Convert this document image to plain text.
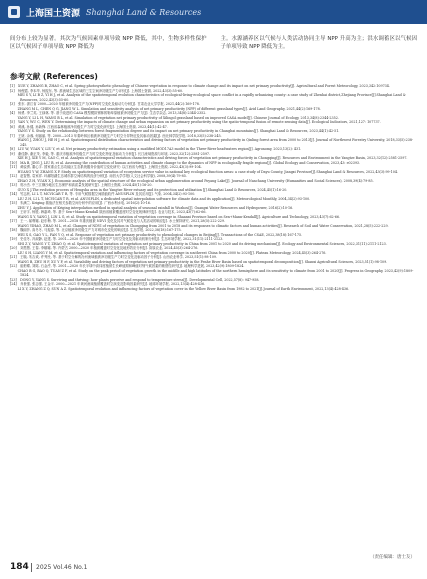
上海国土资源 Shanghai Land & Resources
间分布上较为显著。其次为气候因素单项导致 NPP 降低，其中，生物多样性保护区以气候因子单项导致 NPP 降低为
主。水源涵养区以气候与人类活动协同主导 NPP 升高为主；洪水调蓄区以气候因子单项导致 NPP 降低为主。
参考文献 (References)
[1]　XUE Y, ZHANG B, ZHAO C, et al. Spring photosynthetic phenology of Chinese vegetation in response to climate change and its impact on net primary productivity[J]. Agricultural and Forest Meteorology, 2023,342:109734.
[2]　杨俊霞, 李本华, 杨振东, 等. 淮流域生态区域的三生空间净初级生产力评价[J]. 上海国土资源, 2022,43(3):55-60.
　　 MEI S Y, LI B Z, YI H J, et al. Analysis of the spatiotemporal evolution characteristics of ecological-living-ecological space conflict in a rapidly urbanizing county: a case study of Zhenhai district,Zhejiang Province[J].Shanghai Land & Resources, 2022,43(3):55-60.
[3]　张东. 浙江省 2000—2020 年植被净初级生产力(NPP)时空变化及驱动力分析[J]. 甘肃农业大学学报, 2021,44(2):169-178.
　　 ZHANG M L, CHEN Q G, JIANG W L. Simulation and sensitivity analysis of net primary productivity (NPP) of different grassland types[J]. Arid Land Geography, 2021,44(2):169-178.
[4]　杨勇, 李兰英, 王绿林, 等. 基于改进的 CASA 模型模拟锡林郭勒草原植被净初级生产力[J]. 生态学杂志, 2013,34(8):2344-2352.
　　 YANG Y, LI L H, WANG B L, et al. Simulation of vegetation net primary productivity of Xilingol grassland based on improved CASA model[J]. Chinese Journal of Ecology, 2013,34(8):2344-2352.
[5]　YAN Y, WU C, WEN Y. Determining the impacts of climate change and urban expansion on net primary productivity using the spatio-temporal fusion of remote sensing data[J]. Ecological Indicators, 2021,127: 107737.
[6]　黄溪, 孙健, 孙新锋. 江西省森林植被净初级生产力时空变化研究[J]. 上海国土资源, 2023,44(1):42-47.
　　 YANG Y S. Study on the relationship between forest fragmentation degree and its impact on net primary productivity in Changbai mountains[J]. Shanghai Land & Resources, 2023,44(1):42-51.
[7]　王妍, 余蓉, 何丽丽, 等. 2000—2013 年秦岭林区植被净初级生产力时空分异特征及其驱动因素[J]. 西北林学院学报, 2018,33(5):238-245.
　　 WANG J, ZHOU J, HE H J, et al. Spatiotemporal distribution characteristics and driving factors of vegetation net primary productivity in Qinling forest area from 2000 to 2013[J]. Journal of Northwest Forestry University, 2018,33(5):238-245.
[8]　LIU W, YUAN Y, LIU Y, et al. Net primary productivity estimation using a modified MOD17A3 model in the Three-River headwaters region[J]. Agronomy, 2023,13(2): 431.
[9]　谢佳静, 谢正茂, 李毅, 等. 重庆市植被净初级生产力时空变化特征及驱动力分析[J]. 长江流域资源与环境, 2023,32(12):2581-2597.
　　 XIE H J, XIE Y M, CAO C, et al. Analysis of spatiotemporal variation characteristics and driving forces of vegetation net primary productivity in Chongqing[J]. Resources and Environment in the Yangtze Basin, 2023,32(12):2581-2597.
[10]　MA B, JING J, LIU B, et al. Assessing the contribution of human activities and climate change to the dynamics of NPP in ecologically fragile regions[J]. Global Ecology and Conservation, 2023,43: e02393.
[11]　黄骁勇, 董心宇. 国家重点生态功能区生态系统服务价值时空变化研究: 以江西省为例[J]. 上海国土资源, 2022,43(3):99-104.
　　 HUANG Y W, ZHANG X P. Study on spatiotemporal variation of ecosystem service value in national key ecological function areas: a case study of Dayu County, Jiangxi Province[J].Shanghai Land & Resources, 2022,43(3):99-104.
[12]　赵智慧, 袁家祥. 环鄱阳湖生态城市群空间结构的经济分析[J]. 南昌大学学报(人文社会科学版), 2008,39(4):79-85.
　　 ZHAO Z H, YUAN X J. Economic analysis of the spatial structure of the ecological urban agglomeration around Poyang Lake[J]. Journal of Nanchang University (Humanities and Social Sciences), 2008,39(4):79-85.
[13]　郭小杰. 中三江横沙地区生态保护和高质量发展研究[J]. 上海国土资源, 2024,45(1):16-20.
　　 GUO X J.The evolution process of Hengsha area in the Yangtze River estuary and its protection and utilization [J].Shanghai Land & Resources, 2024,45(1):16-20.
[14]　竹志欣, LI L T, MCVICAR T R, 等. 专用气候数据空间插值软件 ANUSPLIN 及其应用[J]. 气象, 2004,34(2):93-100.
　　 LIU Z H, LI L T, MCVICAR T R, et al. ANUSPLIN, a dedicated spatial interpolation software for climate data and its application[J]. Meteorological Monthly, 2004,34(2):93-100.
[15]　朱满兰. Kriging 插值法在相关参数空间分析中的应用[J]. 广西水利水电, 2016(2):10-16.
　　 ZHU Y J. Application of Kriging interpolation method in spatial analysis of seasonal rainfall in Wuzhou[J]. Guangxi Water Resources and Hydropower, 2016(2):10-16.
[16]　王轩宇, 杨胜, 韩嘉琦, 等. 基于 Sen+Mann-Kendall 陕西省植被覆盖度时空变化规律研究[J]. 农业与技术, 2023,43(7):62-66.
　　 WANG X Y, YANG J, LIN L G, et al. Study on spatiotemporal variation of vegetation coverage in Shaanxi Province based on Sen+Mann-Kendall[J]. Agriculture and Technology, 2023,43(7):62-66.
[17]　王一, 郝利娜, 赵东梅, 等. 2001—2018 年重庆植被 NDVI 变化及其对气候变化与人类活动的响应[J]. 水土保持研究, 2021,28(5):222-229.
　　 WANG YIHAO, ZHAO M L, et al. Changes of NDVI of vegetation in Chongqing from 2001 to 2018 and its responses to climatic factors and human activities[J]. Research of Soil and Water Conservation, 2021,28(5):222-229.
[18]　魏丽莎, 高冬冬, 马振春, 等. 北京植被净初级生产力对城市化变化的响应[J]. 生态学报, 2022,38(18):167-175.
　　 WEI X S, GAO Y L, FAN Y Q, et al. Response of vegetation net primary productivity to phenological changes in Beijing[J]. Transactions of the CSAE, 2022,38(18):167-175.
[19]　史佳冬, 冯淑静, 赵建, 等. 2001—2020 年中国植被净初级生产力时空变化及其驱动机制分析[J]. 生态环境学报, 2022,31(11):2111-2123.
　　 SHI Z Y, WANG Y T, ZHAO Q, et al. Spatiotemporal variation of vegetation net primary productivity in China from 2001 to 2020 and its driving mechanism[J]. Ecology and Environmental Sciences, 2022,31(11):2111-2123.
[20]　刘思慧, 王春, 李娜娜, 等. 内蒙古 2000—2020 年植被覆盖时空变化及地形效应分析[J]. 高原农业, 2024,45(3):264-276.
　　 LIU S H, LIANG Y M, et al. Spatiotemporal variation and influencing factors of vegetation coverage in southwest China from 2000 to 2020[J]. Plateau Meteorology, 2024,45(3):264-276.
[21]　王毓, 朱吉欢, 许秀民, 等. 基于时空分解的汾河流域植被净初级生产力时空变化及驱动因子分析[J]. 山西农业科学, 2023,51(1):98-109.
　　 WANG B, ZHU H F, XU Y F, et al. Variability and driving factors of vegetation net primary productivity in the Fenhe River Basin based on spatiotemporal decomposition[J]. Shanxi Agricultural Sciences, 2023,51(1):98-109.
[22]　崔彬蝶, 刘陈, 石金淳, 等. 2001—2020 年长半球中高纬度植被生长峰值期和峰值时刻气候因素的敏感性研究[J]. 地理科学进展, 2023,42(9):1809-1824.
　　 CHAO B G, BAO Q, TUAN Z F, et al. Study on the peak period of vegetation growth in the middle and high latitudes of the northern hemisphere and its sensitivity to climate from 2001 to 2020[J]. Progress in Geography, 2023,42(9):1809-1824.
[23]　DONG Y, YANG S. Surviving and thriving: how plants perceive and respond to temperature stress[J]. Developmental Cell, 2022,57(8): 947-958.
[24]　乔世强, 张志强, 王金平. 2000—2021 年黄河流域植被覆盖时空演变及影响因素研究[J]. 地球环境学报, 2022,13(4):428-436.
　　 LI X Y, ZHANG Z Q, SUN A Z. Spatiotemporal evolution and influencing factors of vegetation cover in the Yellow River Basin from 1982 to 2021[J].Journal of Earth Environment, 2022,13(4):428-436.
184 2025 Vol.46 No.1
（责任编辑：唐士友）
